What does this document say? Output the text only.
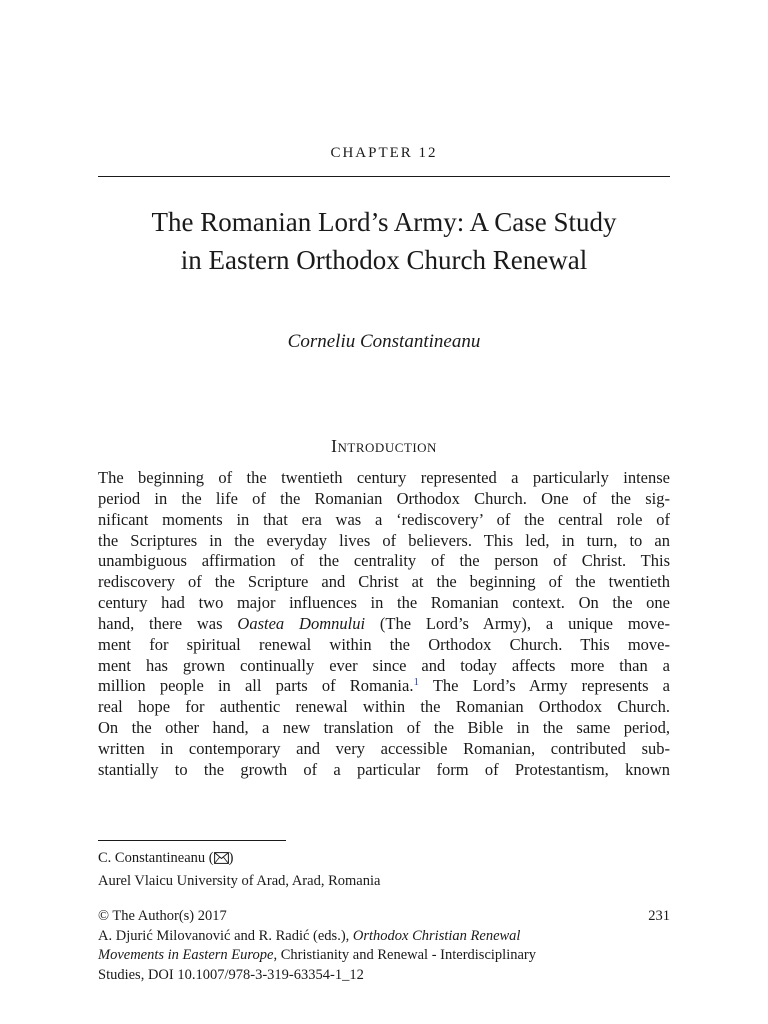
CHAPTER 12
The Romanian Lord’s Army: A Case Study
in Eastern Orthodox Church Renewal
Corneliu Constantineanu
Introduction
The beginning of the twentieth century represented a particularly intense
period in the life of the Romanian Orthodox Church. One of the sig-
nificant moments in that era was a ‘rediscovery’ of the central role of
the Scriptures in the everyday lives of believers. This led, in turn, to an
unambiguous affirmation of the centrality of the person of Christ. This
rediscovery of the Scripture and Christ at the beginning of the twentieth
century had two major influences in the Romanian context. On the one
hand, there was Oastea Domnului (The Lord’s Army), a unique move-
ment for spiritual renewal within the Orthodox Church. This move-
ment has grown continually ever since and today affects more than a
million people in all parts of Romania.$^1$ The Lord’s Army represents a
real hope for authentic renewal within the Romanian Orthodox Church.
On the other hand, a new translation of the Bible in the same period,
written in contemporary and very accessible Romanian, contributed sub-
stantially to the growth of a particular form of Protestantism, known
C. Constantineanu ( )
Aurel Vlaicu University of Arad, Arad, Romania
© The Author(s) 2017	231
A. Djurić Milovanović and R. Radić (eds.), Orthodox Christian Renewal
Movements in Eastern Europe, Christianity and Renewal - Interdisciplinary
Studies, DOI 10.1007/978-3-319-63354-1_12
